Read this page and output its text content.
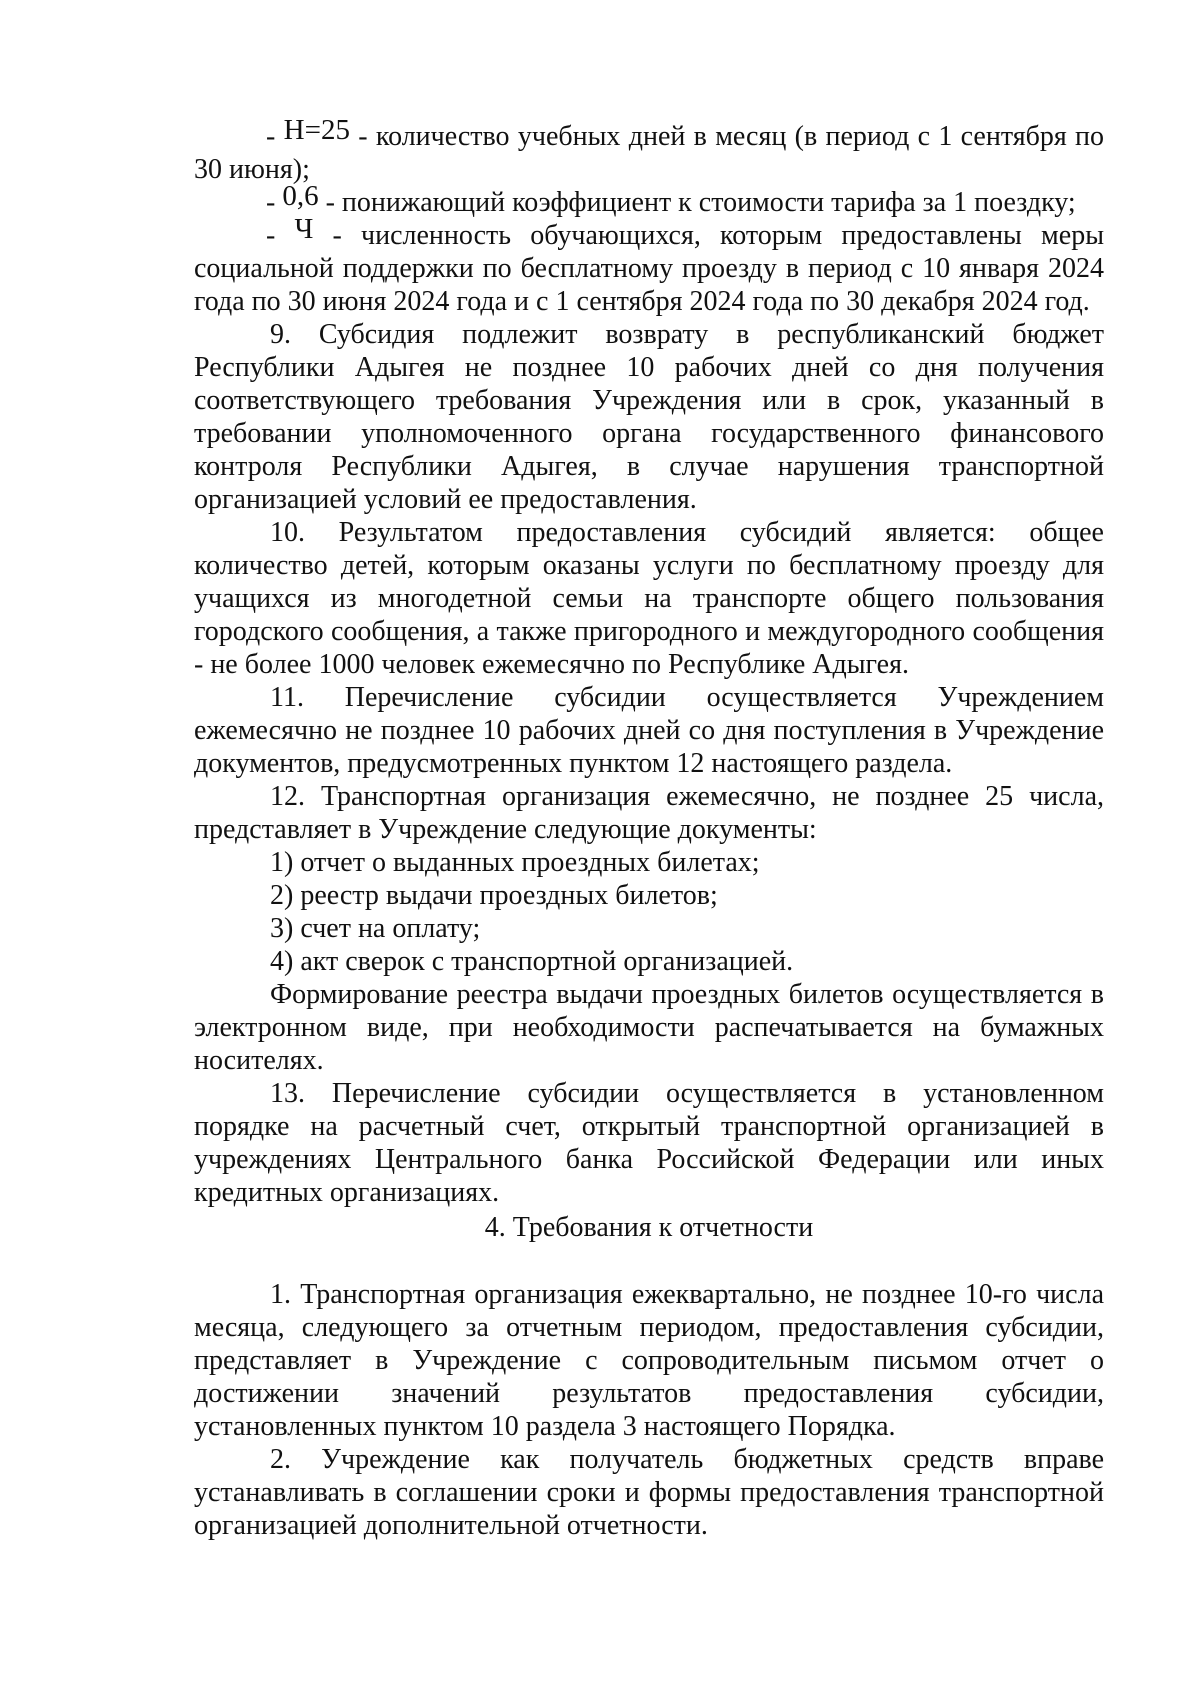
- H=25 - количество учебных дней в месяц (в период с 1 сентября по 30 июня);

- 0,6 - понижающий коэффициент к стоимости тарифа за 1 поездку;

- Ч - численность обучающихся, которым предоставлены меры социальной поддержки по бесплатному проезду в период с 10 января 2024 года по 30 июня 2024 года и с 1 сентября 2024 года по 30 декабря 2024 год.

9. Субсидия подлежит возврату в республиканский бюджет Республики Адыгея не позднее 10 рабочих дней со дня получения соответствующего требования Учреждения или в срок, указанный в требовании уполномоченного органа государственного финансового контроля Республики Адыгея, в случае нарушения транспортной организацией условий ее предоставления.

10. Результатом предоставления субсидий является: общее количество детей, которым оказаны услуги по бесплатному проезду для учащихся из многодетной семьи на транспорте общего пользования городского сообщения, а также пригородного и междугородного сообщения - не более 1000 человек ежемесячно по Республике Адыгея.

11. Перечисление субсидии осуществляется Учреждением ежемесячно не позднее 10 рабочих дней со дня поступления в Учреждение документов, предусмотренных пунктом 12 настоящего раздела.

12. Транспортная организация ежемесячно, не позднее 25 числа, представляет в Учреждение следующие документы:

1) отчет о выданных проездных билетах;

2) реестр выдачи проездных билетов;

3) счет на оплату;

4) акт сверок с транспортной организацией.

Формирование реестра выдачи проездных билетов осуществляется в электронном виде, при необходимости распечатывается на бумажных носителях.

13. Перечисление субсидии осуществляется в установленном порядке на расчетный счет, открытый транспортной организацией в учреждениях Центрального банка Российской Федерации или иных кредитных организациях.

4. Требования к отчетности

1. Транспортная организация ежеквартально, не позднее 10-го числа месяца, следующего за отчетным периодом, предоставления субсидии, представляет в Учреждение с сопроводительным письмом отчет о достижении значений результатов предоставления субсидии, установленных пунктом 10 раздела 3 настоящего Порядка.

2. Учреждение как получатель бюджетных средств вправе устанавливать в соглашении сроки и формы предоставления транспортной организацией дополнительной отчетности.
